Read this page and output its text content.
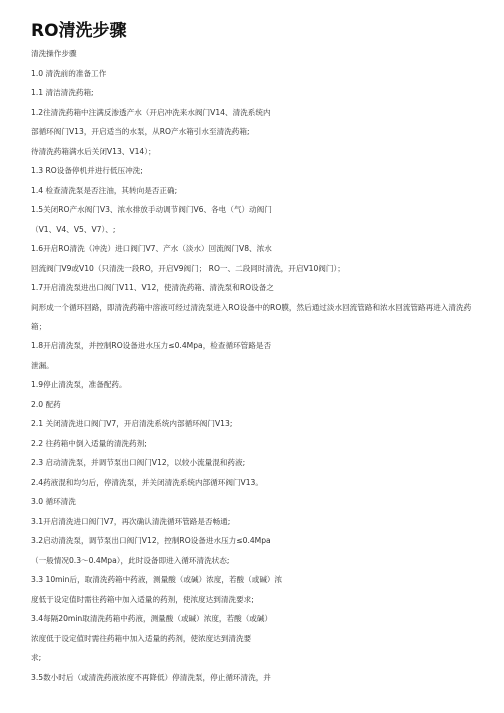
RO清洗步骤
清洗操作步骤
1.0 清洗前的准备工作
1.1 清洁清洗药箱;
1.2往清洗药箱中注满反渗透产水（开启冲洗来水阀门V14、清洗系统内
部循环阀门V13，开启适当的水泵，从RO产水箱引水至清洗药箱;
待清洗药箱满水后关闭V13、V14）；
1.3 RO设备停机并进行低压冲洗;
1.4 检查清洗泵是否注油，其转向是否正确;
1.5关闭RO产水阀门V3、浓水排放手动调节阀门V6、各电（气）动阀门
（V1、V4、V5、V7）、;
1.6开启RO清洗（冲洗）进口阀门V7、产水（淡水）回流阀门V8、浓水
回流阀门V9或V10（只清洗一段RO，开启V9阀门； RO一、二段同时清洗，开启V10阀门）；
1.7开启清洗泵进出口阀门V11、V12，使清洗药箱、清洗泵和RO设备之
间形成一个循环回路，即清洗药箱中溶液可经过清洗泵进入RO设备中的RO膜，然后通过淡水回流管路和浓水回流管路再进入清洗药
箱；
1.8开启清洗泵，并控制RO设备进水压力≤0.4Mpa，检查循环管路是否
泄漏。
1.9停止清洗泵，准备配药。
2.0 配药
2.1 关闭清洗进口阀门V7，开启清洗系统内部循环阀门V13;
2.2 往药箱中倒入适量的清洗药剂;
2.3 启动清洗泵，并调节泵出口阀门V12，以较小流量混和药液;
2.4药液混和均匀后，停清洗泵，并关闭清洗系统内部循环阀门V13。
3.0 循环清洗
3.1开启清洗进口阀门V7，再次确认清洗循环管路是否畅通;
3.2启动清洗泵，调节泵出口阀门V12，控制RO设备进水压力≤0.4Mpa
（一般情况0.3～0.4Mpa），此时设备即进入循环清洗状态;
3.3 10min后，取清洗药箱中药液，测量酸（或碱）浓度，若酸（或碱）浓
度低于设定值时需往药箱中加入适量的药剂，使浓度达到清洗要求;
3.4每隔20min取清洗药箱中药液，测量酸（或碱）浓度，若酸（或碱）
浓度低于设定值时需往药箱中加入适量的药剂，使浓度达到清洗要
求;
3.5数小时后（或清洗药液浓度不再降低）停清洗泵，停止循环清洗，并
